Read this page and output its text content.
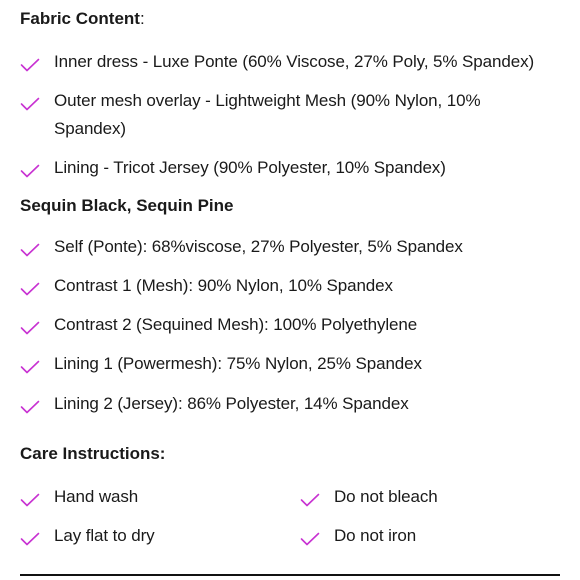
Fabric Content:
Inner dress - Luxe Ponte (60% Viscose, 27% Poly, 5% Spandex)
Outer mesh overlay - Lightweight Mesh (90% Nylon, 10% Spandex)
Lining - Tricot Jersey (90% Polyester, 10% Spandex)
Sequin Black, Sequin Pine
Self (Ponte): 68%viscose, 27% Polyester, 5% Spandex
Contrast 1 (Mesh): 90% Nylon, 10% Spandex
Contrast 2 (Sequined Mesh): 100% Polyethylene
Lining 1 (Powermesh): 75% Nylon, 25% Spandex
Lining 2 (Jersey): 86% Polyester, 14% Spandex
Care Instructions:
Hand wash	Do not bleach
Lay flat to dry	Do not iron
